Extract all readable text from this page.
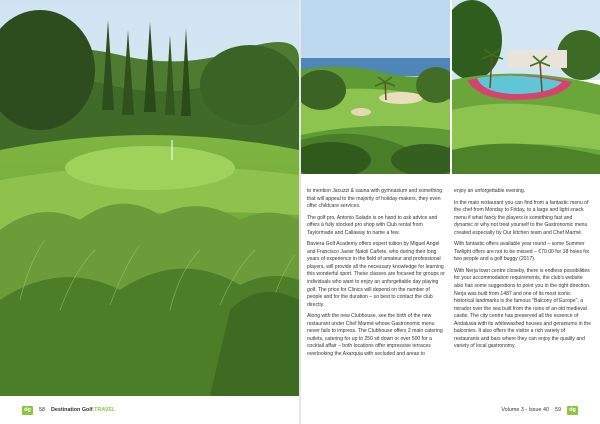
to mention Jacuzzi & sauna with gymnasium and something that will appeal to the majority of holiday-makers, they even offer childcare services.

The golf pro, Antonio Salado is on hand to ask advice and offers a fully stocked pro shop with Club rental from Taylormade and Callaway to name a few.

Baviera Golf Academy offers expert tuition by Miguel Angel and Francisco Javier Natoli Cañete, who during their long years of experience in the field of amateur and professional players, will provide all the necessary knowledge for learning this wonderful sport. These classes are focused for groups or individuals who want to enjoy an unforgettable day playing golf. The price for Clinics will depend on the number of people and for the duration – so best to contact the club directly.

Along with the new Clubhouse, see the birth of the new restaurant under Chef Marmé whose Gastronomic menu never fails to impress. The Clubhouse offers 2 main catering outlets, catering for up to 250 sit down or over 500 for a cocktail affair – both locations offer impressive terraces overlooking the Axarquia with secluded and areas to

enjoy an unforgettable evening.

In the main restaurant you can find from a fantastic menu of the chef from Monday to Friday, to a large and light snack menu if what fancy the players is something fast and dynamic or why not treat yourself to the Gastronomic menu created especially by Our kitchen team and Chef Marmé.

With fantastic offers available year round – some Summer Twilight offers are not to be missed – €70.00 for 18 holes for two people and a golf buggy (2017).

With Nerja town centre closeby, there is endless possibilities for your accommodation requirements, the club's website also has some suggestions to point you in the right direction. Nerja was built from 1487 and one of its most iconic historical landmarks is the famous "Balcony of Europe", a mirador over the sea built from the ruins of an old medieval castle. The city centre has preserved all the essence of Andalusia with its whitewashed houses and geraniums in the balconies. It also offers the visitor a rich variety of restaurants and bars where they can enjoy the quality and variety of local gastronomy.

dg	58 Destination Golf .TRAVEL	Volume 3 - Issue 40 59	dg
